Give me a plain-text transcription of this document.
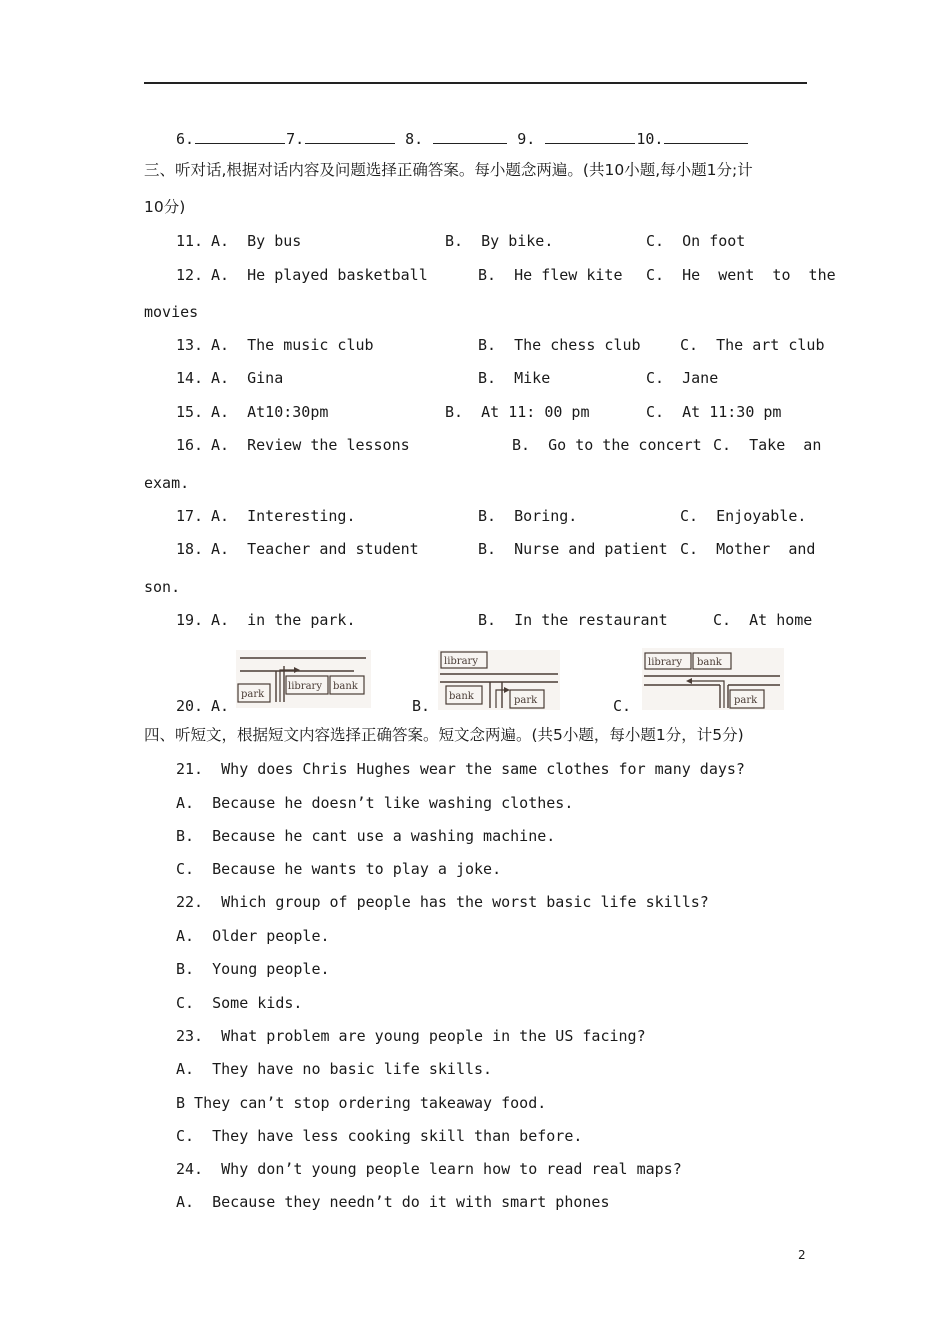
6.	7.	8.	9.	10.
三、听对话,根据对话内容及问题选择正确答案。每小题念两遍。(共10小题,每小题1分;计
10分)
11. A.  By bus	B.  By bike.	C.  On foot
12. A.  He played basketball	B.  He flew kite C.  He  went  to  the
movies
13. A.  The music club	B.  The chess club	C.  The art club
14. A.  Gina	B.  Mike	C.  Jane
15. A.  At10:30pm	B.  At 11: 00 pm	C.  At 11:30 pm
16. A.  Review the lessons	B.  Go to the concert C.  Take  an
exam.
17. A.  Interesting.	B.  Boring.	C.  Enjoyable.
18. A.  Teacher and student	B.  Nurse and patient C.  Mother  and
son.
19. A.  in the park.	B.  In the restaurant	C.  At home
20. A.	B.	C.
park
library bank
library
bank	park
library bank
park
四、听短文，根据短文内容选择正确答案。短文念两遍。(共5小题，每小题1分，计5分)
21.  Why does Chris Hughes wear the same clothes for many days?
A.  Because he doesn’t like washing clothes.
B.  Because he cant use a washing machine.
C.  Because he wants to play a joke.
22.  Which group of people has the worst basic life skills?
A.  Older people.
B.  Young people.
C.  Some kids.
23.  What problem are young people in the US facing?
A.  They have no basic life skills.
B They can’t stop ordering takeaway food.
C.  They have less cooking skill than before.
24.  Why don’t young people learn how to read real maps?
A.  Because they needn’t do it with smart phones
2
